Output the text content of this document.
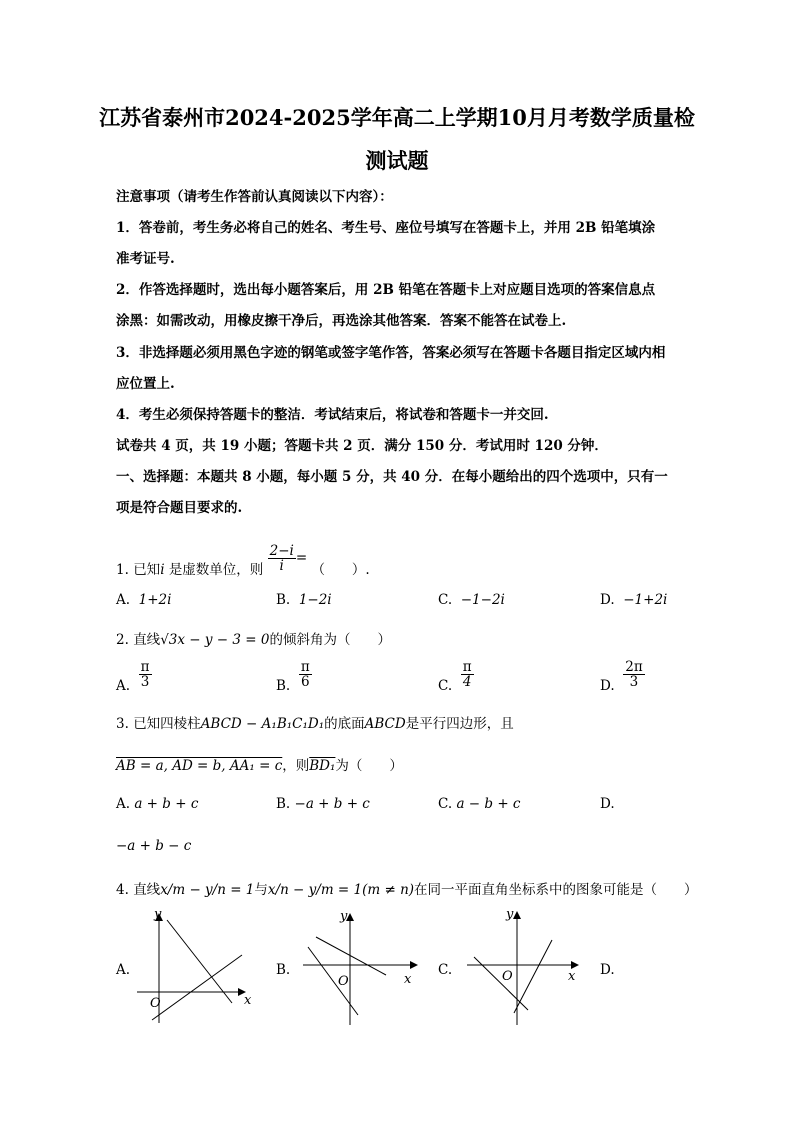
江苏省泰州市2024-2025学年高二上学期10月月考数学质量检
测试题
注意事项（请考生作答前认真阅读以下内容）：
1．答卷前，考生务必将自己的姓名、考生号、座位号填写在答题卡上，并用 2B 铅笔填涂
准考证号.
2．作答选择题时，选出每小题答案后，用 2B 铅笔在答题卡上对应题目选项的答案信息点
涂黑：如需改动，用橡皮擦干净后，再选涂其他答案．答案不能答在试卷上.
3．非选择题必须用黑色字迹的钢笔或签字笔作答，答案必须写在答题卡各题目指定区域内相
应位置上.
4．考生必须保持答题卡的整洁．考试结束后，将试卷和答题卡一并交回.
试卷共 4 页，共 19 小题；答题卡共 2 页．满分 150 分．考试用时 120 分钟．
一、选择题：本题共 8 小题，每小题 5 分，共 40 分．在每小题给出的四个选项中，只有一
项是符合题目要求的.
1. 已知i 是虚数单位，则 $\frac{2-i}{i}$ = （　　）.
A. 1+2i	B. 1−2i	C. −1−2i	D. −1+2i
2. 直线√3x − y − 3 = 0的倾斜角为（　　）
A. $\frac{\pi}{3}$	B. $\frac{\pi}{6}$	C. $\frac{\pi}{4}$	D. $\frac{2\pi}{3}$
3. 已知四棱柱ABCD − A₁B₁C₁D₁的底面ABCD是平行四边形，且
AB = a, AD = b, AA₁ = c，则BD₁为（　　）
A. a + b + c	B. −a + b + c	C. a − b + c	D.
−a + b − c
4. 直线x/m − y/n = 1与x/n − y/m = 1(m ≠ n)在同一平面直角坐标系中的图象可能是（　　）
A.	B.	C.	D.
O	x
y
O	x
y
O	x
y
